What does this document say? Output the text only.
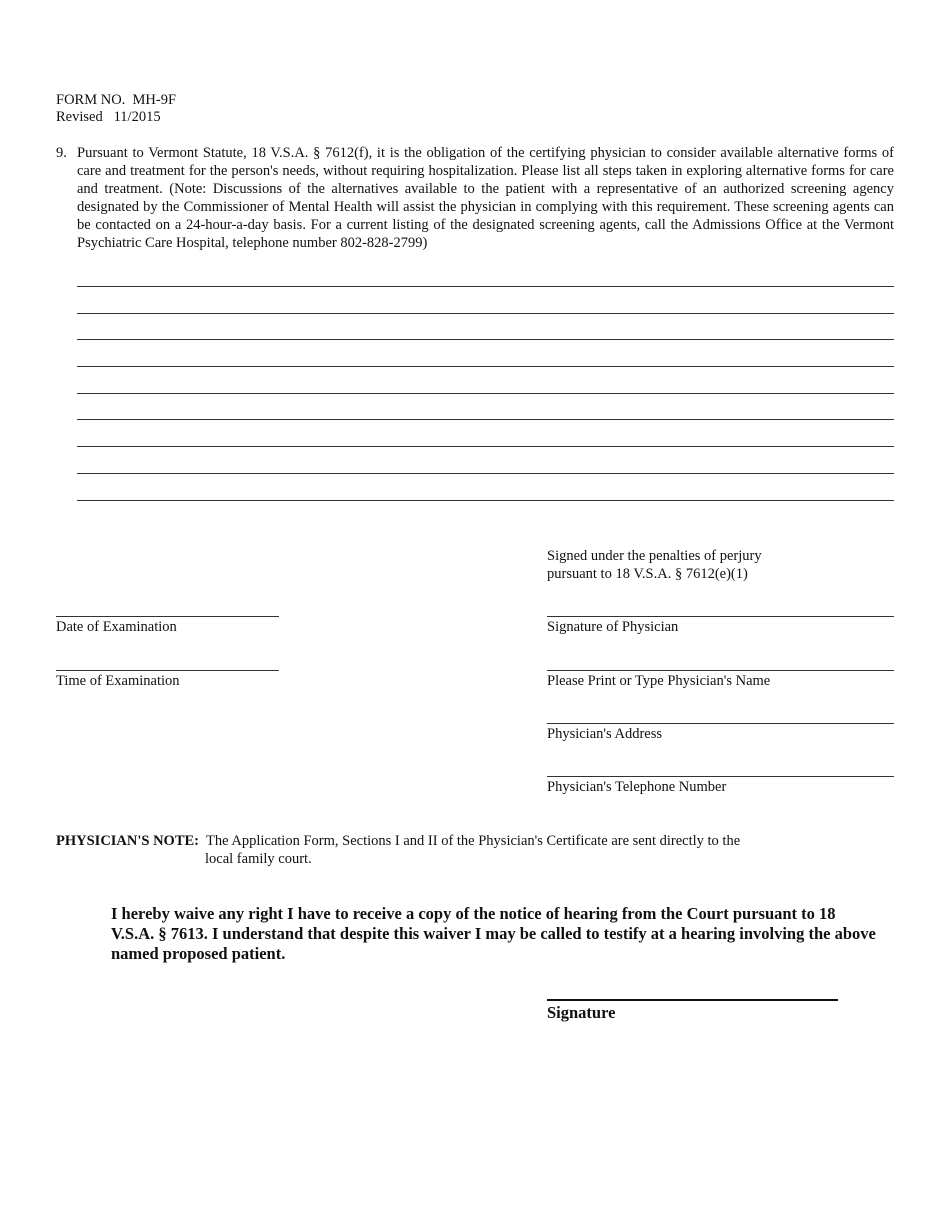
FORM NO.  MH-9F
Revised   11/2015
9. Pursuant to Vermont Statute, 18 V.S.A. § 7612(f), it is the obligation of the certifying physician to consider available alternative forms of care and treatment for the person's needs, without requiring hospitalization. Please list all steps taken in exploring alternative forms for care and treatment. (Note: Discussions of the alternatives available to the patient with a representative of an authorized screening agency designated by the Commissioner of Mental Health will assist the physician in complying with this requirement. These screening agents can be contacted on a 24-hour-a-day basis. For a current listing of the designated screening agents, call the Admissions Office at the Vermont Psychiatric Care Hospital, telephone number 802-828-2799)
Signed under the penalties of perjury
pursuant to 18 V.S.A. § 7612(e)(1)
Date of Examination
Time of Examination
Signature of Physician
Please Print or Type Physician's Name
Physician's Address
Physician's Telephone Number
PHYSICIAN'S NOTE: The Application Form, Sections I and II of the Physician's Certificate are sent directly to the
local family court.
I hereby waive any right I have to receive a copy of the notice of hearing from the Court pursuant to 18 V.S.A. § 7613. I understand that despite this waiver I may be called to testify at a hearing involving the above named proposed patient.
Signature
